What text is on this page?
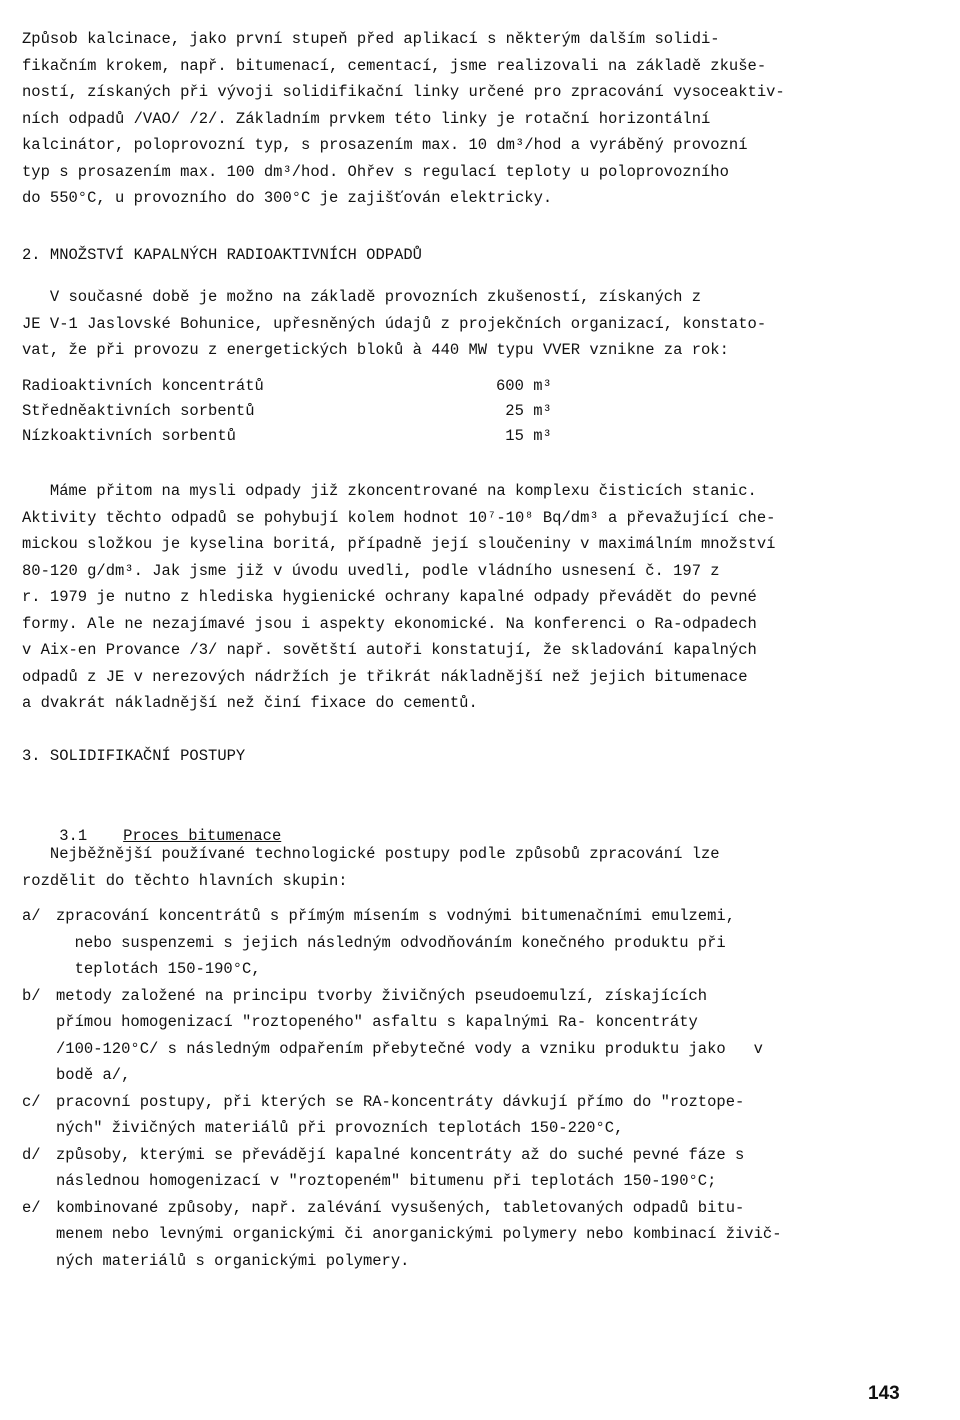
Způsob kalcinace, jako první stupeň před aplikací s některým dalším solidi-
fikačním krokem, např. bitumenací, cementací, jsme realizovali na základě zkuše-
ností, získaných při vývoji solidifikační linky určené pro zpracování vysoceaktiv-
ních odpadů /VAO/ /2/. Základním prvkem této linky je rotační horizontální
kalcinátor, poloprovozní typ, s prosazením max. 10 dm³/hod a vyráběný provozní
typ s prosazením max. 100 dm³/hod. Ohřev s regulací teploty u poloprovozního
do 550°C, u provozního do 300°C je zajišťován elektricky.
2. MNOŽSTVÍ KAPALNÝCH RADIOAKTIVNÍCH ODPADŮ
V současné době je možno na základě provozních zkušeností, získaných z
JE V-1 Jaslovské Bohunice, upřesněných údajů z projekčních organizací, konstato-
vat, že při provozu z energetických bloků à 440 MW typu VVER vznikne za rok:
Radioaktivních koncentrátů	600 m³
Středněaktivních sorbentů	25 m³
Nízkoaktivních sorbentů	15 m³
Máme přitom na mysli odpady již zkoncentrované na komplexu čisticích stanic.
Aktivity těchto odpadů se pohybují kolem hodnot 10⁷-10⁸ Bq/dm³ a převažující che-
mickou složkou je kyselina boritá, případně její sloučeniny v maximálním množství
80-120 g/dm³. Jak jsme již v úvodu uvedli, podle vládního usnesení č. 197 z
r. 1979 je nutno z hlediska hygienické ochrany kapalné odpady převádět do pevné
formy. Ale ne nezajímavé jsou i aspekty ekonomické. Na konferenci o Ra-odpadech
v Aix-en Provance /3/ např. sovětští autoři konstatují, že skladování kapalných
odpadů z JE v nerezových nádržích je třikrát nákladnější než jejich bitumenace
a dvakrát nákladnější než činí fixace do cementů.
3. SOLIDIFIKAČNÍ POSTUPY

3.1 Proces bitumenace

Nejběžnější používané technologické postupy podle způsobů zpracování lze
rozdělit do těchto hlavních skupin:
a/ zpracování koncentrátů s přímým mísením s vodnými bitumenačními emulzemi,
nebo suspenzemi s jejich následným odvodňováním konečného produktu při
teplotách 150-190°C,
b/ metody založené na principu tvorby živičných pseudoemulzí, získajících
přímou homogenizací "roztopeného" asfaltu s kapalnými Ra- koncentráty
/100-120°C/ s následným odpařením přebytečné vody a vzniku produktu jako   v
bodě a/,
c/ pracovní postupy, při kterých se RA-koncentráty dávkují přímo do "roztope-
ných" živičných materiálů při provozních teplotách 150-220°C,
d/ způsoby, kterými se převádějí kapalné koncentráty až do suché pevné fáze s
následnou homogenizací v "roztopeném" bitumenu při teplotách 150-190°C;
e/ kombinované způsoby, např. zalévání vysušených, tabletovaných odpadů bitu-
menem nebo levnými organickými či anorganickými polymery nebo kombinací živič-
ných materiálů s organickými polymery.
143
